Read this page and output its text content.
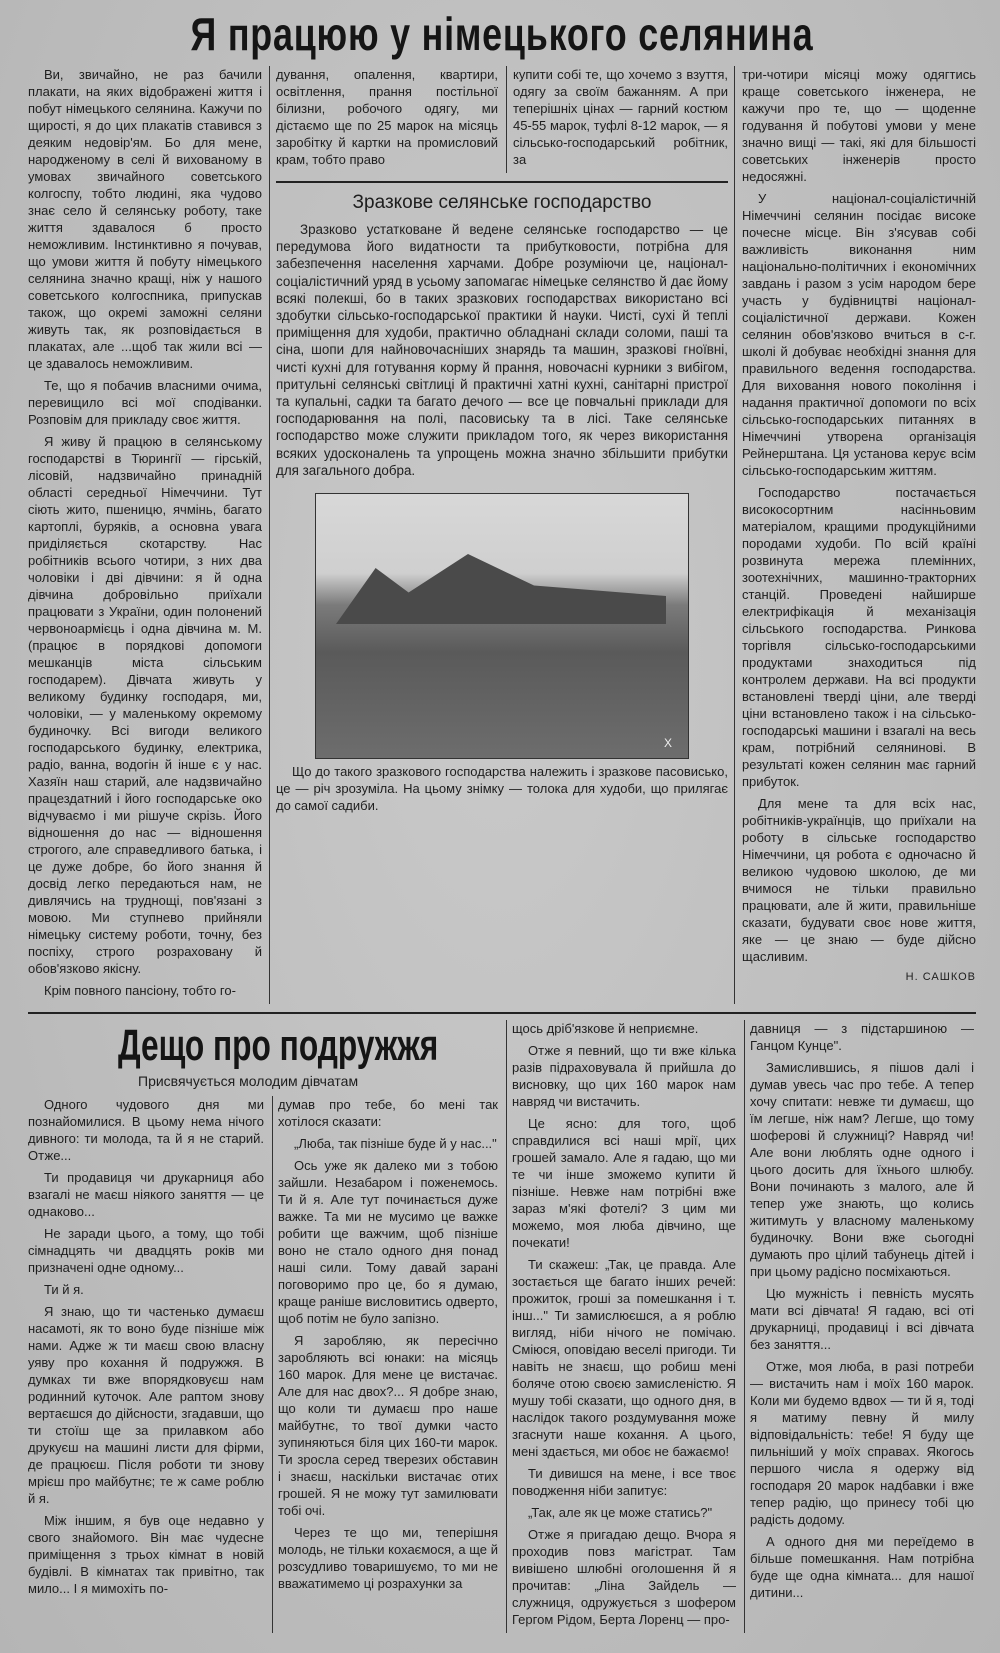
Я працюю у німецького селянина

Ви, звичайно, не раз бачили плакати, на яких відображені життя і побут німецького селянина. Кажучи по щирості, я до цих плакатів ставився з деяким недовір'ям. Бо для мене, народженому в селі й вихованому в умовах звичайного советського колгоспу, тобто людині, яка чудово знає село й селянську роботу, таке життя здавалося б просто неможливим. Інстинктивно я почував, що умови життя й побуту німецького селянина значно кращі, ніж у нашого советського колгоспника, припускав також, що окремі заможні селяни живуть так, як розповідається в плакатах, але ...щоб так жили всі — це здавалось неможливим.

Те, що я побачив власними очима, перевищило всі мої сподіванки. Розповім для прикладу своє життя.

Я живу й працюю в селянському господарстві в Тюрингії — гірській, лісовій, надзвичайно принадній області середньої Німеччини. Тут сіють жито, пшеницю, ячмінь, багато картоплі, буряків, а основна увага приділяється скотарству. Нас робітників всього чотири, з них два чоловіки і дві дівчини: я й одна дівчина добровільно приїхали працювати з України, один полонений червоноармієць і одна дівчина м. М. (працює в порядкові допомоги мешканців міста сільським господарем). Дівчата живуть у великому будинку господаря, ми, чоловіки, — у маленькому окремому будиночку. Всі вигоди великого господарського будинку, електрика, радіо, ванна, водогін й інше є у нас. Хазяїн наш старий, але надзвичайно працездатний і його господарське око відчуваємо і ми рішуче скрізь. Його відношення до нас — відношення строгого, але справедливого батька, і це дуже добре, бо його знання й досвід легко передаються нам, не дивлячись на труднощі, пов'язані з мовою. Ми ступнево прийняли німецьку систему роботи, точну, без поспіху, строго розраховану й обов'язково якісну.

Крім повного пансіону, тобто го-

дування, опалення, квартири, освітлення, прання постільної білизни, робочого одягу, ми дістаємо ще по 25 марок на місяць заробітку й картки на промисловий крам, тобто право

купити собі те, що хочемо з взуття, одягу за своїм бажанням. А при теперішніх цінах — гарний костюм 45-55 марок, туфлі 8-12 марок, — я сільсько-господарський робітник, за

Зразкове селянське господарство

Зразково устатковане й ведене селянське господарство — це передумова його видатности та прибутковости, потрібна для забезпечення населення харчами. Добре розуміючи це, націонал-соціалістичний уряд в усьому запомагає німецьке селянство й дає йому всякі полекші, бо в таких зразкових господарствах використано всі здобутки сільсько-господарської практики й науки. Чисті, сухі й теплі приміщення для худоби, практично обладнані склади соломи, паші та сіна, шопи для найновочасніших знарядь та машин, зразкові гноївні, чисті кухні для готування корму й прання, новочасні курники з вибігом, притульні селянські світлиці й практичні хатні кухні, санітарні пристрої та купальні, садки та багато дечого — все це повчальні приклади для господарювання на полі, пасовиську та в лісі. Таке селянське господарство може служити прикладом того, як через використання всяких удосконалень та упрощень можна значно збільшити прибутки для загального добра.

X
Що до такого зразкового господарства належить і зразкове пасовисько, це — річ зрозуміла. На цьому знімку — толока для худоби, що прилягає до самої садиби.

три-чотири місяці можу одягтись краще советського інженера, не кажучи про те, що — щоденне годування й побутові умови у мене значно вищі — такі, які для більшості советських інженерів просто недосяжні.

У націонал-соціалістичній Німеччині селянин посідає високе почесне місце. Він з'ясував собі важливість виконання ним національно-політичних і економічних завдань і разом з усім народом бере участь у будівництві націонал-соціалістичної держави. Кожен селянин обов'язково вчиться в с-г. школі й добуває необхідні знання для правильного ведення господарства. Для виховання нового покоління і надання практичної допомоги по всіх сільсько-господарських питаннях в Німеччині утворена організація Рейнерштана. Ця установа керує всім сільсько-господарським життям.

Господарство постачається високосортним насінньовим матеріалом, кращими продукційними породами худоби. По всій країні розвинута мережа племінних, зоотехнічних, машинно-тракторних станцій. Проведені найширше електрифікація й механізація сільського господарства. Ринкова торгівля сільсько-господарськими продуктами знаходиться під контролем держави. На всі продукти встановлені тверді ціни, але тверді ціни встановлено також і на сільсько-господарські машини і взагалі на весь крам, потрібний селянинові. В результаті кожен селянин має гарний прибуток.

Для мене та для всіх нас, робітників-українців, що приїхали на роботу в сільське господарство Німеччини, ця робота є одночасно й великою чудовою школою, де ми вчимося не тільки правильно працювати, але й жити, правильніше сказати, будувати своє нове життя, яке — це знаю — буде дійсно щасливим.

Н. САШКОВ
Дещо про подружжя
Присвячується молодим дівчатам

Одного чудового дня ми познайомилися. В цьому нема нічого дивного: ти молода, та й я не старий. Отже...

Ти продавиця чи друкарниця або взагалі не маєш ніякого заняття — це однаково...

Не заради цього, а тому, що тобі сімнадцять чи двадцять років ми призначені одне одному...

Ти й я.

Я знаю, що ти частенько думаєш насамоті, як то воно буде пізніше між нами. Адже ж ти маєш свою власну уяву про кохання й подружжя. В думках ти вже впорядковуєш нам родинний куточок. Але раптом знову вертаєшся до дійсности, згадавши, що ти стоїш ще за прилавком або друкуєш на машині листи для фірми, де працюєш. Після роботи ти знову мрієш про майбутнє; те ж саме роблю й я.

Між іншим, я був оце недавно у свого знайомого. Він має чудесне приміщення з трьох кімнат в новій будівлі. В кімнатах так привітно, так мило... І я мимохіть по-

думав про тебе, бо мені так хотілося сказати:

„Люба, так пізніше буде й у нас..."

Ось уже як далеко ми з тобою зайшли. Незабаром і поженемось. Ти й я. Але тут починається дуже важке. Та ми не мусимо це важке робити ще важчим, щоб пізніше воно не стало одного дня понад наші сили. Тому давай зарані поговоримо про це, бо я думаю, краще раніше висловитись одверто, щоб потім не було запізно.

Я заробляю, як пересічно заробляють всі юнаки: на місяць 160 марок. Для мене це вистачає. Але для нас двох?... Я добре знаю, що коли ти думаєш про наше майбутнє, то твої думки часто зупиняються біля цих 160-ти марок. Ти зросла серед тверезих обставин і знаєш, наскільки вистачає отих грошей. Я не можу тут замилювати тобі очі.

Через те що ми, теперішня молодь, не тільки кохаємося, а ще й розсудливо товаришуємо, то ми не вважатимемо ці розрахунки за

щось дріб'язкове й неприємне.

Отже я певний, що ти вже кілька разів підраховувала й прийшла до висновку, що цих 160 марок нам навряд чи вистачить.

Це ясно: для того, щоб справдилися всі наші мрії, цих грошей замало. Але я гадаю, що ми те чи інше зможемо купити й пізніше. Невже нам потрібні вже зараз м'які фотелі? З цим ми можемо, моя люба дівчино, ще почекати!

Ти скажеш: „Так, це правда. Але зостається ще багато інших речей: прожиток, гроші за помешкання і т. інш..." Ти замислюєшся, а я роблю вигляд, ніби нічого не помічаю. Сміюся, оповідаю веселі пригоди. Ти навіть не знаєш, що робиш мені боляче отою своєю замисленістю. Я мушу тобі сказати, що одного дня, в наслідок такого роздумування може згаснути наше кохання. А цього, мені здається, ми обоє не бажаємо!

Ти дивишся на мене, і все твоє поводження ніби запитує:

„Так, але як це може статись?"

Отже я пригадаю дещо. Вчора я проходив повз магістрат. Там вивішено шлюбні оголошення й я прочитав: „Ліна Зайдель — служниця, одружується з шофером Гергом Рідом, Берта Лоренц — про-

давниця — з підстаршиною — Ганцом Кунце".

Замислившись, я пішов далі і думав увесь час про тебе. А тепер хочу спитати: невже ти думаєш, що їм легше, ніж нам? Легше, що тому шоферові й служниці? Навряд чи! Але вони люблять одне одного і цього досить для їхнього шлюбу. Вони починають з малого, але й тепер уже знають, що колись житимуть у власному маленькому будиночку. Вони вже сьогодні думають про цілий табунець дітей і при цьому радісно посміхаються.

Цю мужність і певність мусять мати всі дівчата! Я гадаю, всі оті друкарниці, продавиці і всі дівчата без заняття...

Отже, моя люба, в разі потреби — вистачить нам і моїх 160 марок. Коли ми будемо вдвох — ти й я, тоді я матиму певну й милу відповідальність: тебе! Я буду ще пильніший у моїх справах. Якогось першого числа я одержу від господаря 20 марок надбавки і вже тепер радію, що принесу тобі цю радість додому.

А одного дня ми переїдемо в більше помешкання. Нам потрібна буде ще одна кімната... для нашої дитини...
